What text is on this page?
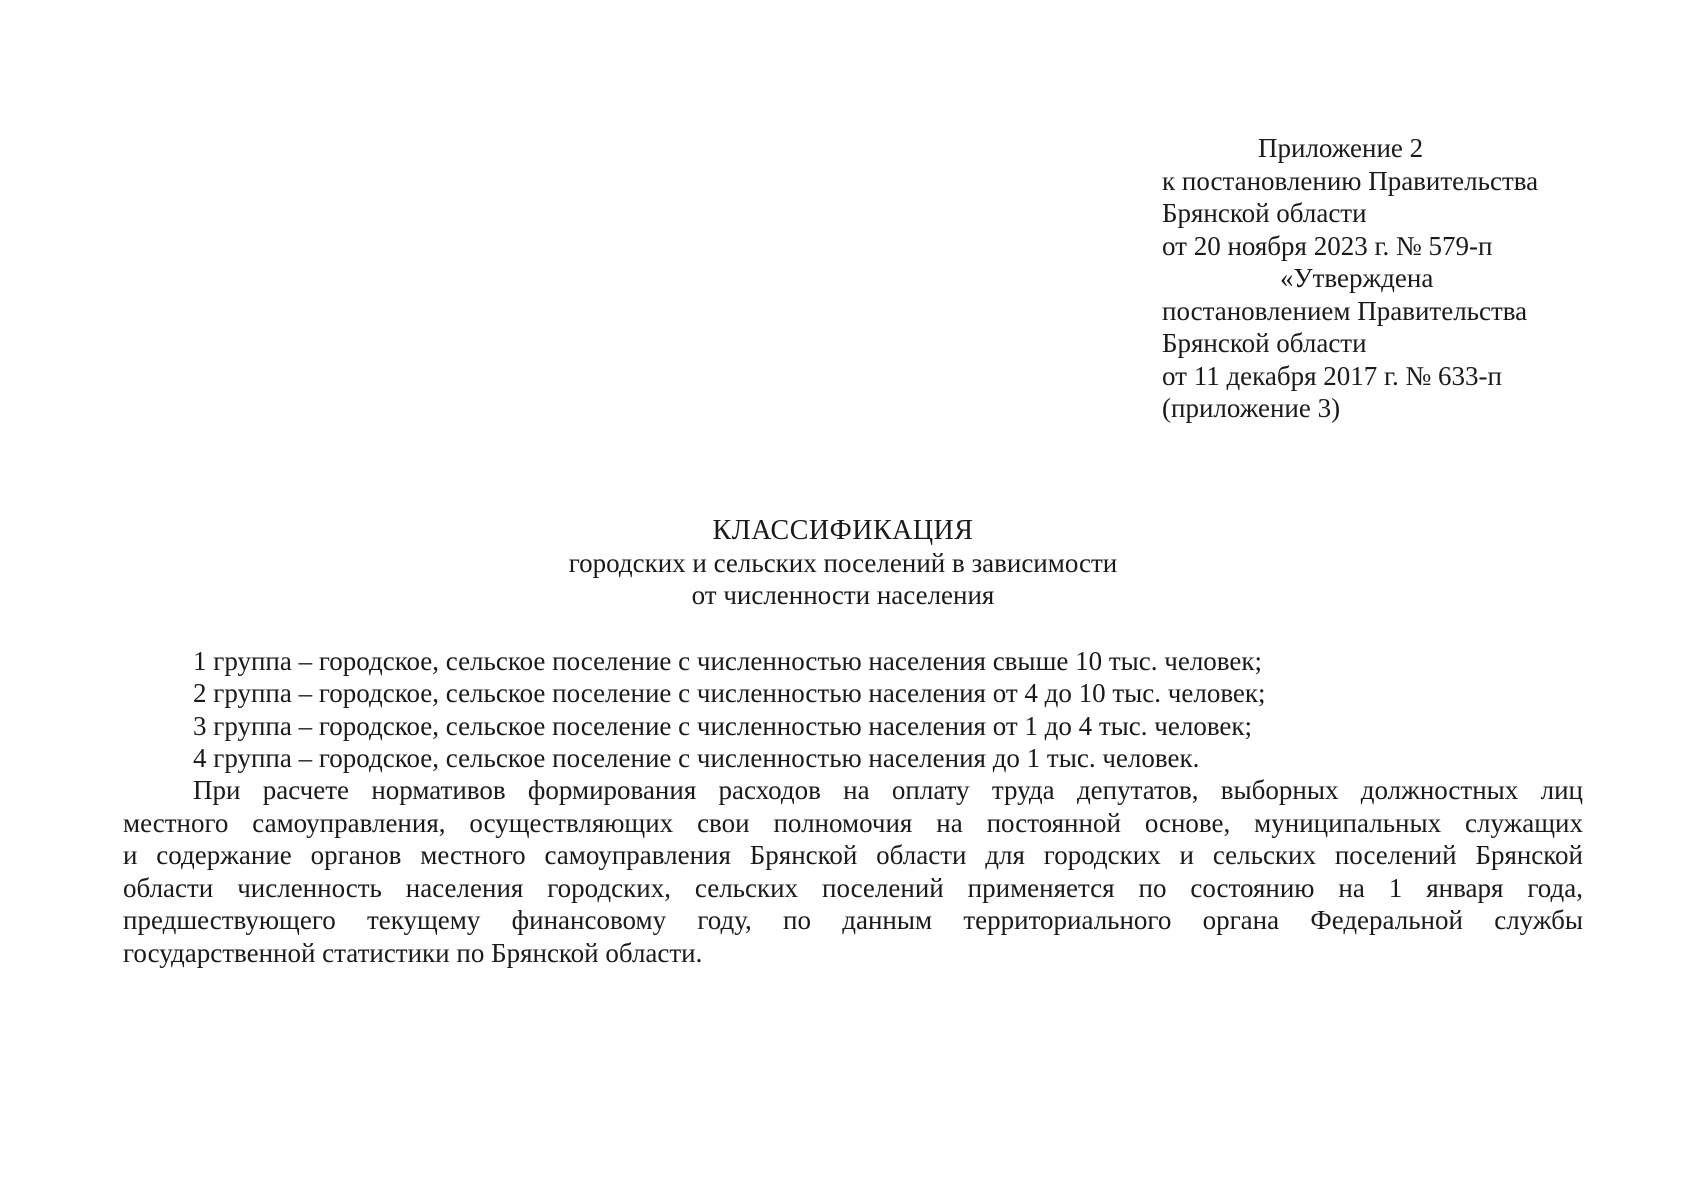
Приложение 2
к постановлению Правительства
Брянской области
от 20 ноября 2023 г. № 579-п
«Утверждена
постановлением Правительства
Брянской области
от 11 декабря 2017 г. № 633-п
(приложение 3)
КЛАССИФИКАЦИЯ
городских и сельских поселений в зависимости
от численности населения
1 группа – городское, сельское поселение с численностью населения свыше 10 тыс. человек;
2 группа – городское, сельское поселение с численностью населения от 4 до 10 тыс. человек;
3 группа – городское, сельское поселение с численностью населения от 1 до 4 тыс. человек;
4 группа – городское, сельское поселение с численностью населения до 1 тыс. человек.
При расчете нормативов формирования расходов на оплату труда депутатов, выборных должностных лиц
местного самоуправления, осуществляющих свои полномочия на постоянной основе, муниципальных служащих
и содержание органов местного самоуправления Брянской области для городских и сельских поселений Брянской
области численность населения городских, сельских поселений применяется по состоянию на 1 января года,
предшествующего текущему финансовому году, по данным территориального органа Федеральной службы
государственной статистики по Брянской области.
